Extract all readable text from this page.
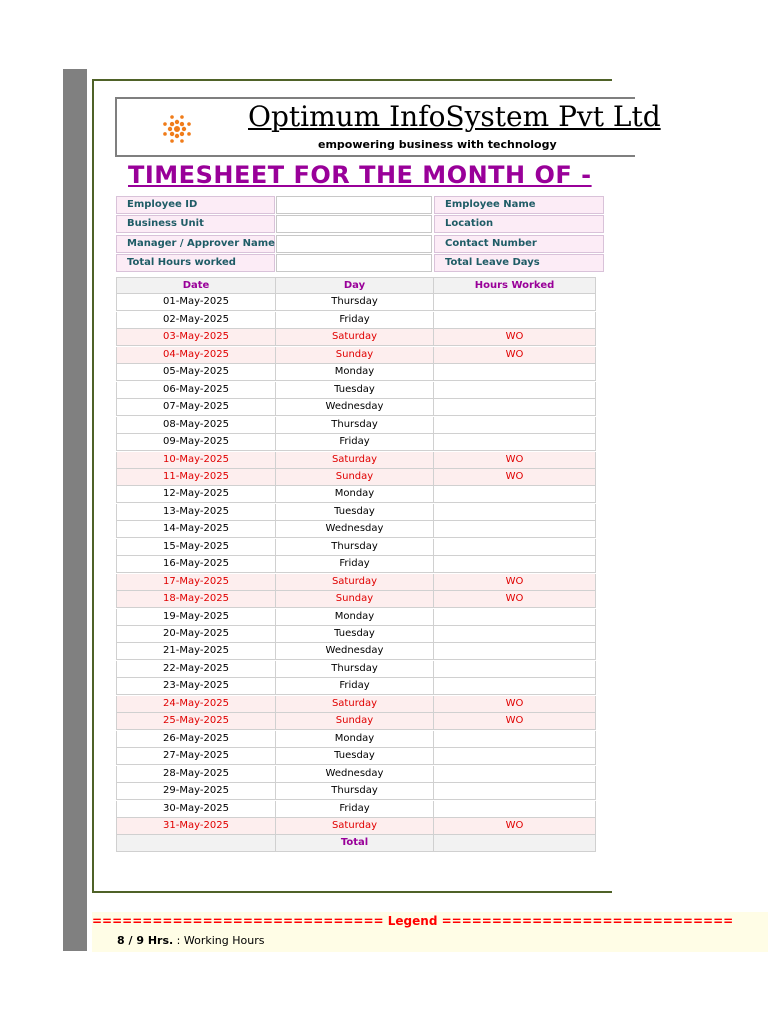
Optimum InfoSystem Pvt Ltd
empowering business with technology
TIMESHEET FOR THE MONTH OF -
Employee ID	Employee Name
Business Unit	Location
Manager / Approver Name	Contact Number
Total Hours worked	Total Leave Days
Date	Day	Hours Worked
01-May-2025	Thursday
02-May-2025	Friday
03-May-2025	Saturday	WO
04-May-2025	Sunday	WO
05-May-2025	Monday
06-May-2025	Tuesday
07-May-2025	Wednesday
08-May-2025	Thursday
09-May-2025	Friday
10-May-2025	Saturday	WO
11-May-2025	Sunday	WO
12-May-2025	Monday
13-May-2025	Tuesday
14-May-2025	Wednesday
15-May-2025	Thursday
16-May-2025	Friday
17-May-2025	Saturday	WO
18-May-2025	Sunday	WO
19-May-2025	Monday
20-May-2025	Tuesday
21-May-2025	Wednesday
22-May-2025	Thursday
23-May-2025	Friday
24-May-2025	Saturday	WO
25-May-2025	Sunday	WO
26-May-2025	Monday
27-May-2025	Tuesday
28-May-2025	Wednesday
29-May-2025	Thursday
30-May-2025	Friday
31-May-2025	Saturday	WO
Total
============================= Legend =============================
8 / 9 Hrs. : Working Hours
